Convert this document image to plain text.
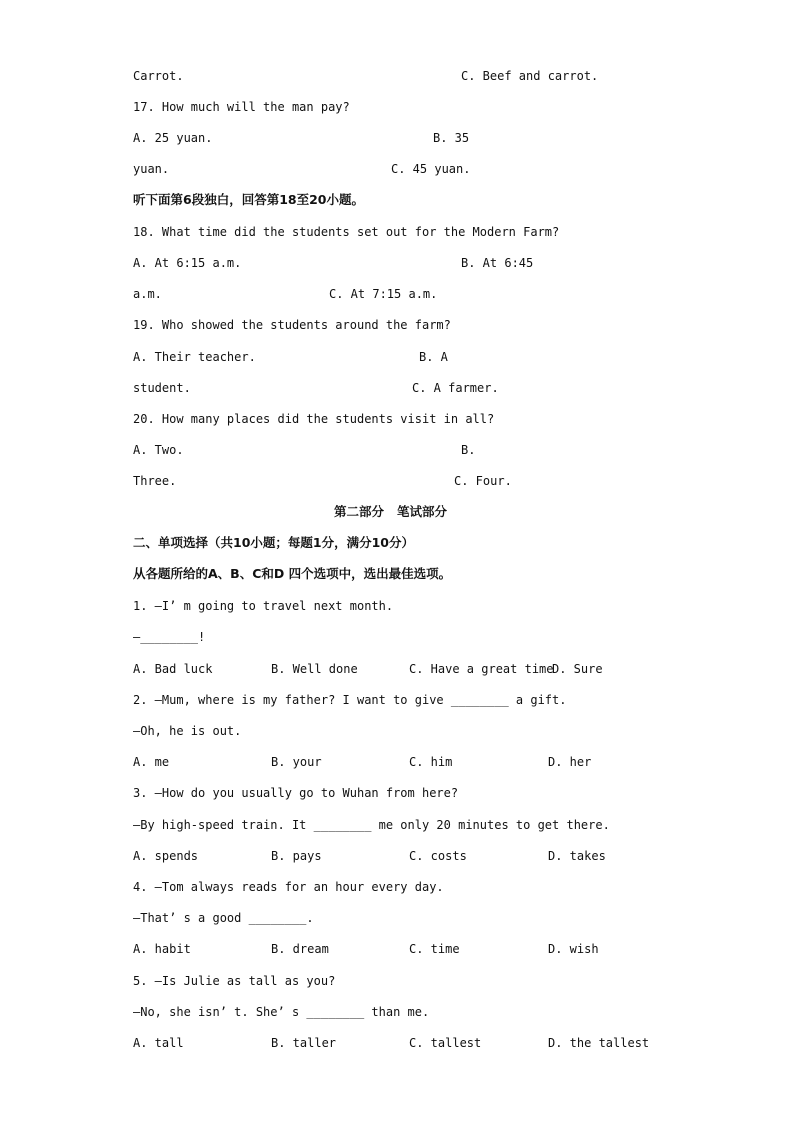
Carrot.	C. Beef and carrot.
17. How much will the man pay?
A. 25 yuan.	B. 35
yuan.	C. 45 yuan.
听下面第6段独白，回答第18至20小题。
18. What time did the students set out for the Modern Farm?
A. At 6:15 a.m.	B. At 6:45
a.m.	C. At 7:15 a.m.
19. Who showed the students around the farm?
A. Their teacher.	B. A
student.	C. A farmer.
20. How many places did the students visit in all?
A. Two.	B.
Three.	C. Four.
第二部分   笔试部分
二、单项选择（共10小题；每题1分，满分10分）
从各题所给的A、B、C和D 四个选项中，选出最佳选项。
1. —I’ m going to travel next month.
—________!
A. Bad luck	B. Well done	C. Have a great time
D. Sure
2. —Mum, where is my father? I want to give ________ a gift.
—Oh, he is out.
A. me	B. your	C. him	D. her
3. —How do you usually go to Wuhan from here?
—By high-speed train. It ________ me only 20 minutes to get there.
A. spends	B. pays	C. costs	D. takes
4. —Tom always reads for an hour every day.
—That’ s a good ________.
A. habit	B. dream	C. time	D. wish
5. —Is Julie as tall as you?
—No, she isn’ t. She’ s ________ than me.
A. tall	B. taller	C. tallest	D. the tallest
